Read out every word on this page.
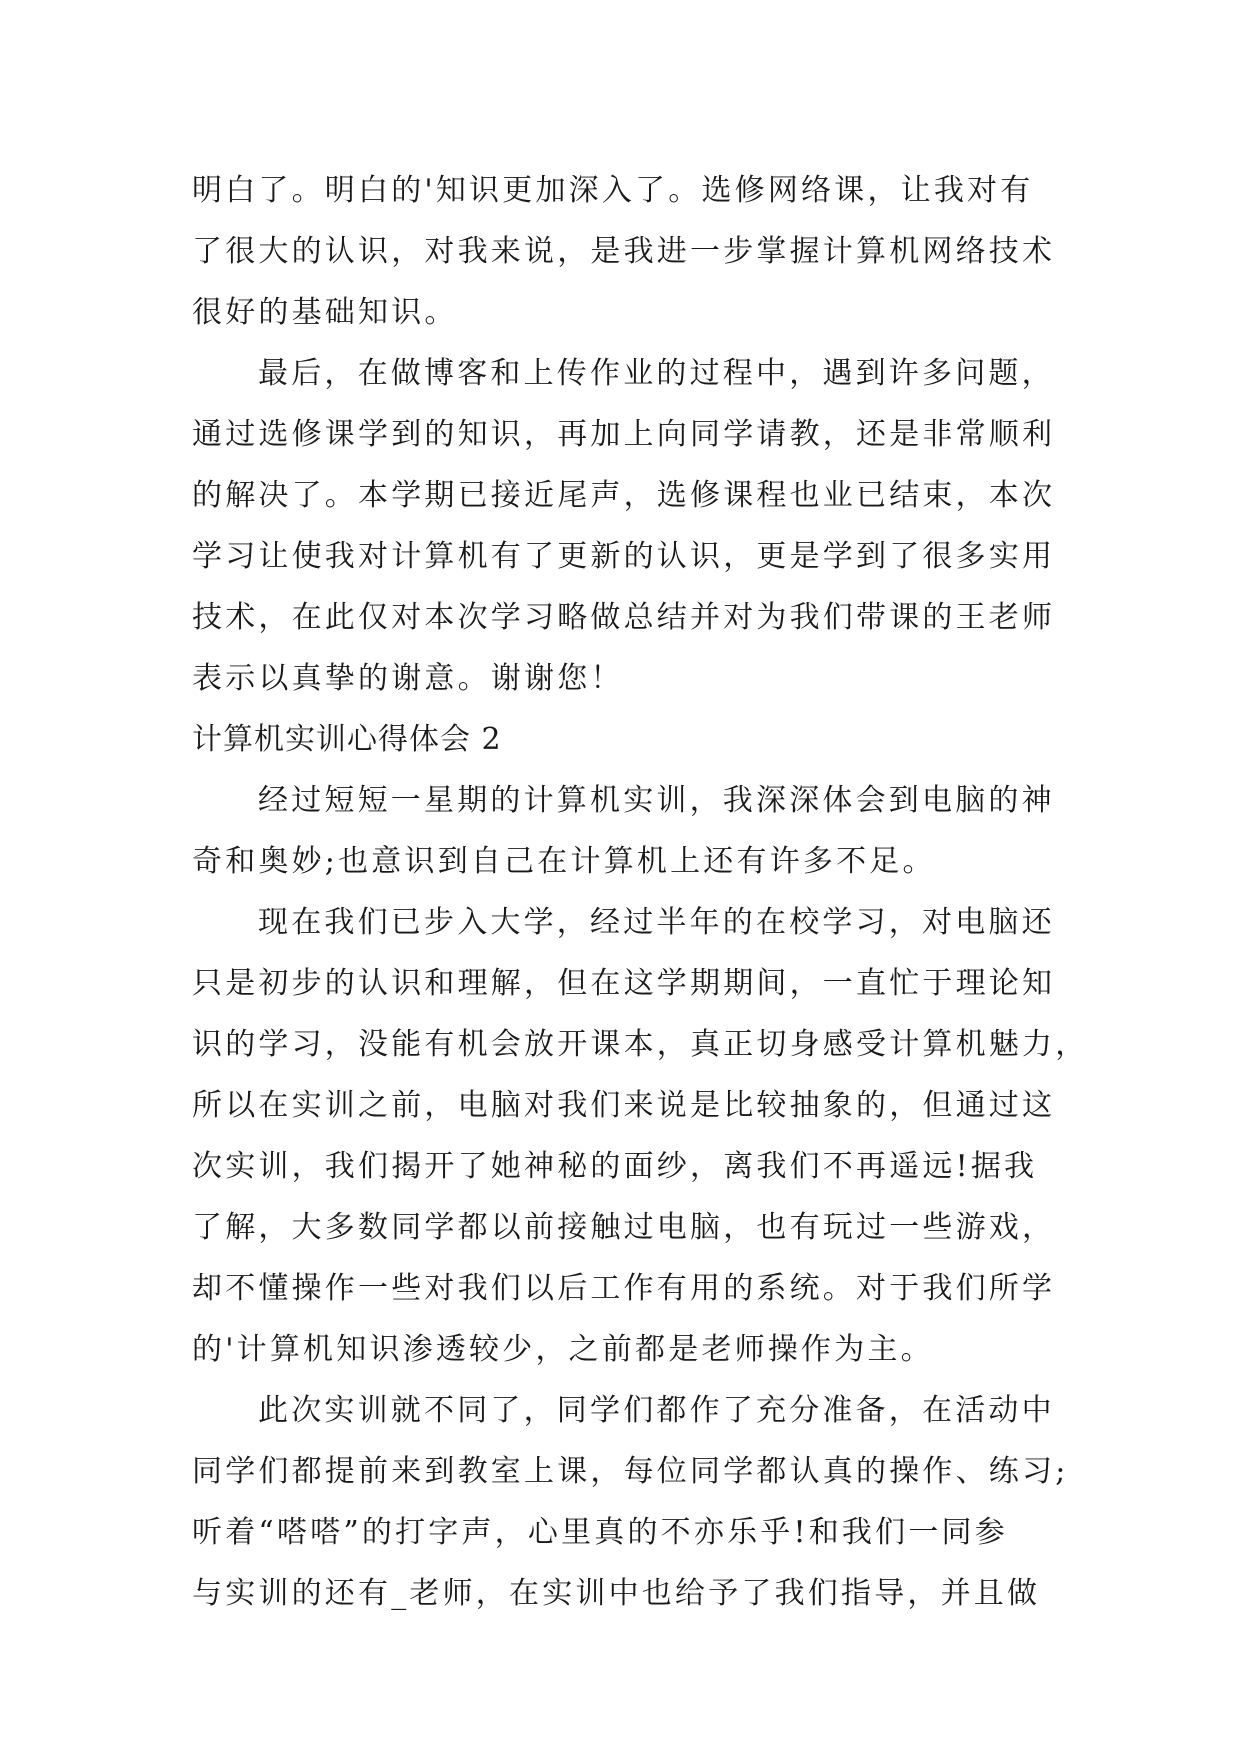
明白了。明白的'知识更加深入了。选修网络课，让我对有
了很大的认识，对我来说，是我进一步掌握计算机网络技术
很好的基础知识。
最后，在做博客和上传作业的过程中，遇到许多问题，
通过选修课学到的知识，再加上向同学请教，还是非常顺利
的解决了。本学期已接近尾声，选修课程也业已结束，本次
学习让使我对计算机有了更新的认识，更是学到了很多实用
技术，在此仅对本次学习略做总结并对为我们带课的王老师
表示以真挚的谢意。谢谢您！
计算机实训心得体会 2
经过短短一星期的计算机实训，我深深体会到电脑的神
奇和奥妙;也意识到自己在计算机上还有许多不足。
现在我们已步入大学，经过半年的在校学习，对电脑还
只是初步的认识和理解，但在这学期期间，一直忙于理论知
识的学习，没能有机会放开课本，真正切身感受计算机魅力，
所以在实训之前，电脑对我们来说是比较抽象的，但通过这
次实训，我们揭开了她神秘的面纱，离我们不再遥远!据我
了解，大多数同学都以前接触过电脑，也有玩过一些游戏，
却不懂操作一些对我们以后工作有用的系统。对于我们所学
的'计算机知识渗透较少，之前都是老师操作为主。
此次实训就不同了，同学们都作了充分准备，在活动中
同学们都提前来到教室上课，每位同学都认真的操作、练习;
听着“嗒嗒”的打字声，心里真的不亦乐乎!和我们一同参
与实训的还有_老师，在实训中也给予了我们指导，并且做
